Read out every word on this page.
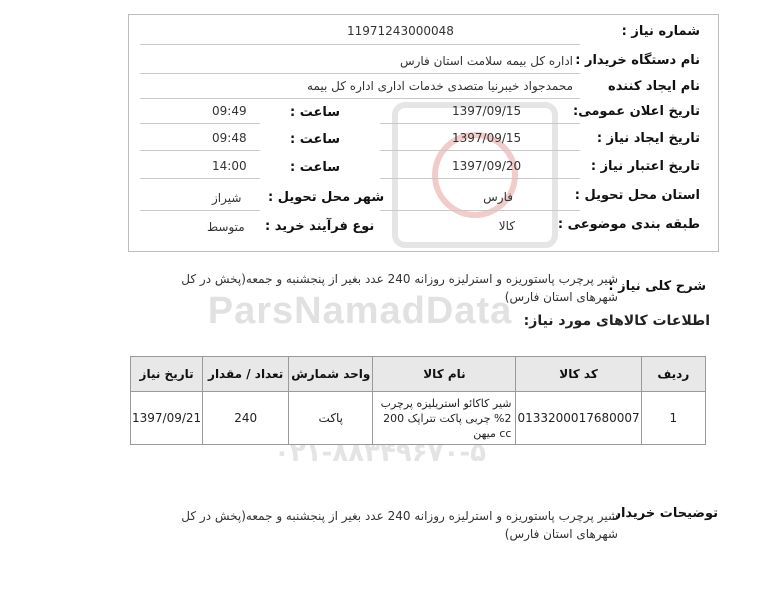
ParsNamadData
۰۲۱-۸۸۳۴۹۶۷۰-۵
شماره نیاز :
11971243000048
نام دستگاه خریدار :
اداره کل بیمه سلامت استان فارس
نام ایجاد کننده
محمدجواد خیبرنیا متصدی خدمات اداری اداره کل بیمه
تاریخ اعلان عمومی:
1397/09/15
ساعت :
09:49
تاریخ ایجاد نیاز :
1397/09/15
ساعت :
09:48
تاریخ اعتبار نیاز :
1397/09/20
ساعت :
14:00
استان محل تحویل :
فارس
شهر محل تحویل :
شیراز
طبقه بندی موضوعی :
کالا
نوع فرآیند خرید :
متوسط
شرح کلی نیاز :
شیر پرچرب پاستوریزه و استرلیزه روزانه 240 عدد بغیر از پنجشنبه و جمعه(پخش در کل
شهرهای استان فارس)
اطلاعات کالاهای مورد نیاز:
ردیف	کد کالا	نام کالا	واحد شمارش	تعداد / مقدار	تاریخ نیاز
1	0133200017680007	شیر کاکائو استریلیزه پرچرب 2% چربی پاکت تتراپک 200 cc میهن	پاکت	240	1397/09/21
توضیحات خریدار
شیر پرچرب پاستوریزه و استرلیزه روزانه 240 عدد بغیر از پنجشنبه و جمعه(پخش در کل
شهرهای استان فارس)
